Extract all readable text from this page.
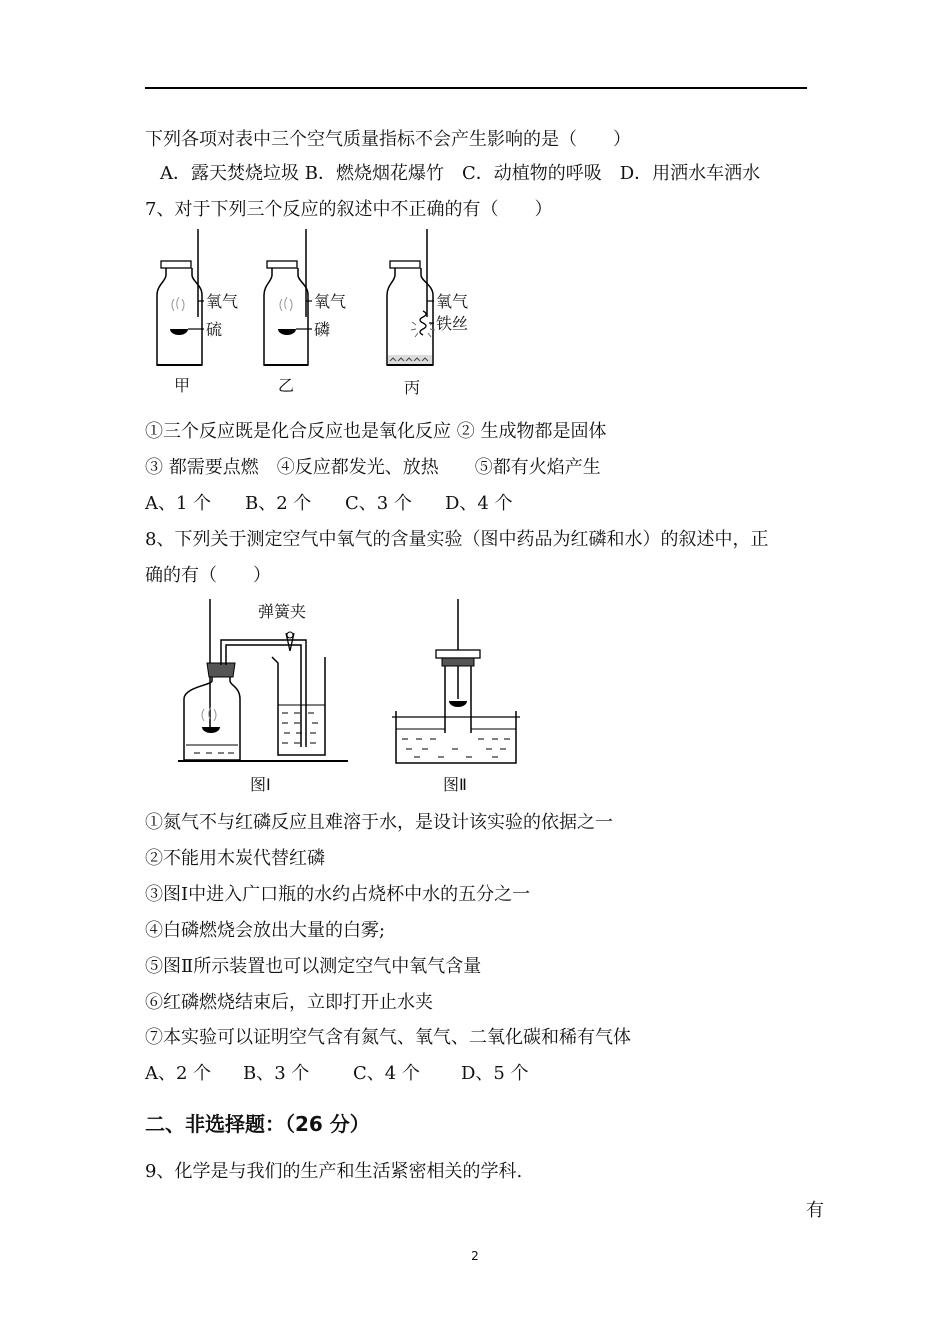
下列各项对表中三个空气质量指标不会产生影响的是（　　）
A．露天焚烧垃圾 B．燃烧烟花爆竹　C．动植物的呼吸　D．用洒水车洒水
7、对于下列三个反应的叙述中不正确的有（　　）
氧气
硫
甲
氧气
磷
乙
氧气
铁丝
丙
①三个反应既是化合反应也是氧化反应 ② 生成物都是固体
③ 都需要点燃　④反应都发光、放热　　⑤都有火焰产生
A、1 个 B、2 个 C、3 个 D、4 个
8、下列关于测定空气中氧气的含量实验（图中药品为红磷和水）的叙述中，正
确的有（　　）
弹簧夹
图Ⅰ	图Ⅱ
①氮气不与红磷反应且难溶于水，是设计该实验的依据之一
②不能用木炭代替红磷
③图Ⅰ中进入广口瓶的水约占烧杯中水的五分之一
④白磷燃烧会放出大量的白雾;
⑤图Ⅱ所示装置也可以测定空气中氧气含量
⑥红磷燃烧结束后，立即打开止水夹
⑦本实验可以证明空气含有氮气、氧气、二氧化碳和稀有气体
A、2 个 B、3 个 C、4 个 D、5 个
二、非选择题：（26 分）
9、化学是与我们的生产和生活紧密相关的学科.
有
2
